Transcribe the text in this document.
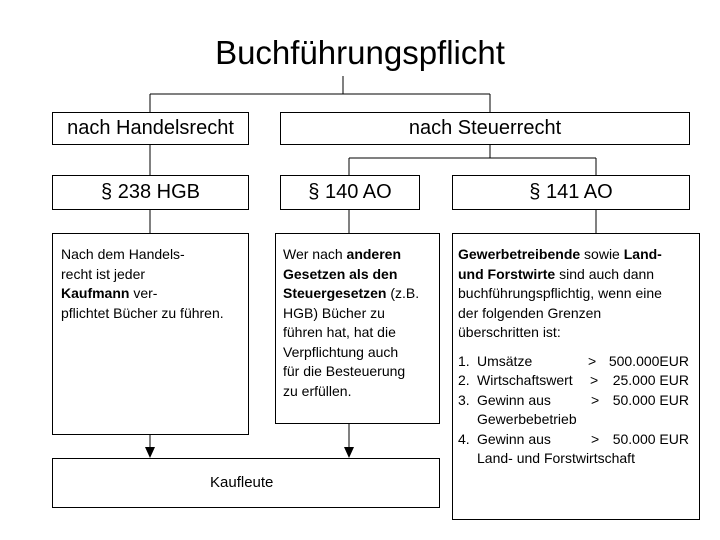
Buchführungspflicht
nach Handelsrecht	nach Steuerrecht
§ 238 HGB	§ 140 AO	§ 141 AO
Nach dem Handels-
recht ist jeder
Kaufmann ver-
pflichtet Bücher zu führen.
Wer nach anderen
Gesetzen als den
Steuergesetzen (z.B.
HGB) Bücher zu
führen hat, hat die
Verpflichtung auch
für die Besteuerung
zu erfüllen.
Gewerbetreibende sowie Land-
und Forstwirte sind auch dann
buchführungspflichtig, wenn eine
der folgenden Grenzen
überschritten ist:
1. Umsätze	> 500.000EUR
2. Wirtschaftswert > 25.000 EUR
3. Gewinn aus	> 50.000 EUR
Gewerbebetrieb
4. Gewinn aus	> 50.000 EUR
Land- und Forstwirtschaft
Kaufleute
